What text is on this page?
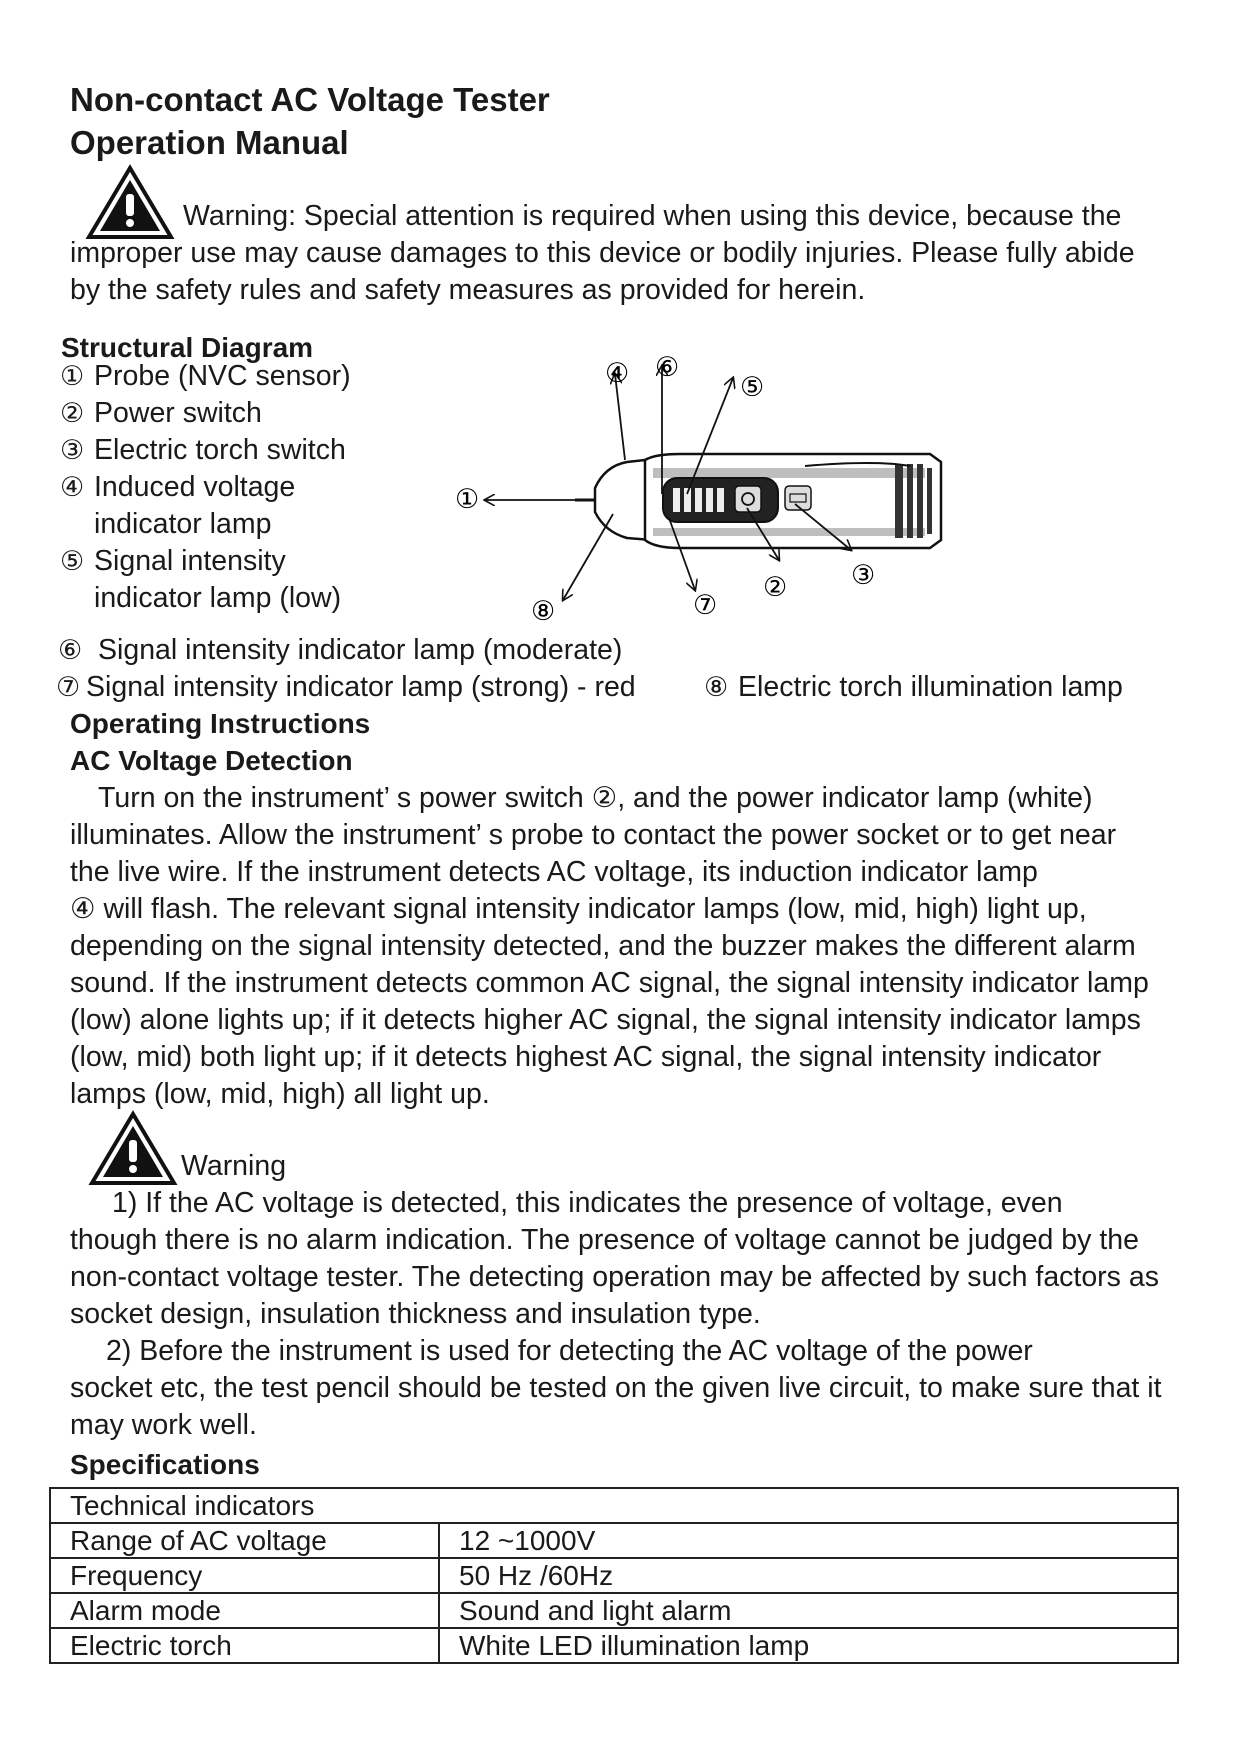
Non-contact AC Voltage Tester
Operation Manual
Warning: Special attention is required when using this device, because the
improper use may cause damages to this device or bodily injuries. Please fully abide
by the safety rules and safety measures as provided for herein.
Structural Diagram
① Probe (NVC sensor)
② Power switch
③ Electric torch switch
④ Induced voltage
indicator lamp
⑤ Signal intensity
indicator lamp (low)
①
④ ⑥
⑤
⑧	⑦
② ③
⑥ Signal intensity indicator lamp (moderate)
⑦ Signal intensity indicator lamp (strong) - red	⑧ Electric torch illumination lamp
Operating Instructions
AC Voltage Detection
Turn on the instrument’ s power switch ②, and the power indicator lamp (white)
illuminates. Allow the instrument’ s probe to contact the power socket or to get near
the live wire. If the instrument detects AC voltage, its induction indicator lamp
④ will flash. The relevant signal intensity indicator lamps (low, mid, high) light up,
depending on the signal intensity detected, and the buzzer makes the different alarm
sound. If the instrument detects common AC signal, the signal intensity indicator lamp
(low) alone lights up; if it detects higher AC signal, the signal intensity indicator lamps
(low, mid) both light up; if it detects highest AC signal, the signal intensity indicator
lamps (low, mid, high) all light up.
Warning
1) If the AC voltage is detected, this indicates the presence of voltage, even
though there is no alarm indication. The presence of voltage cannot be judged by the
non-contact voltage tester. The detecting operation may be affected by such factors as
socket design, insulation thickness and insulation type.
2) Before the instrument is used for detecting the AC voltage of the power
socket etc, the test pencil should be tested on the given live circuit, to make sure that it
may work well.
Specifications
Technical indicators	
Range of AC voltage	12 ~1000V
Frequency	50 Hz /60Hz
Alarm mode	Sound and light alarm
Electric torch	White LED illumination lamp
